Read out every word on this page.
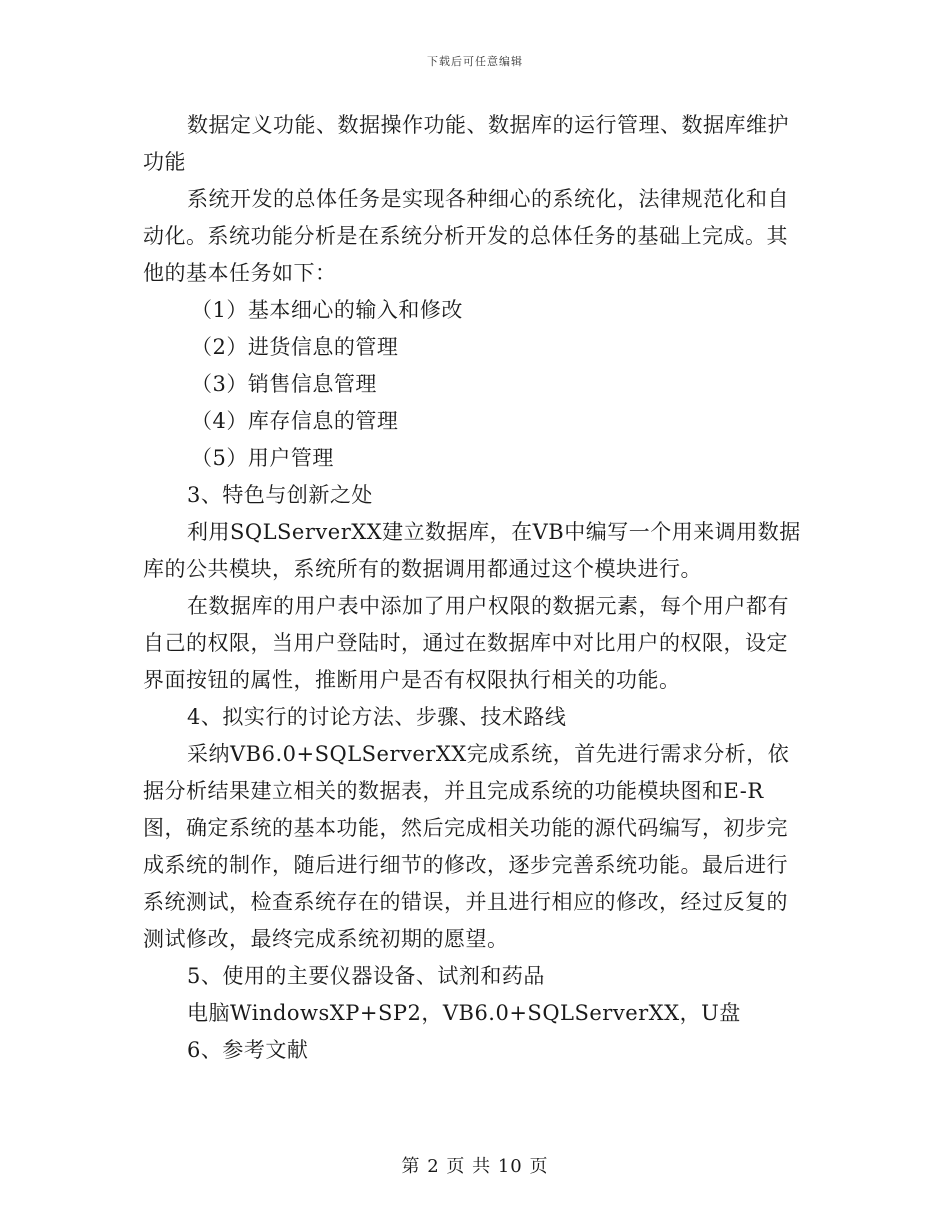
下载后可任意编辑

数据定义功能、数据操作功能、数据库的运行管理、数据库维护功能

系统开发的总体任务是实现各种细心的系统化，法律规范化和自动化。系统功能分析是在系统分析开发的总体任务的基础上完成。其他的基本任务如下：

（1）基本细心的输入和修改

（2）进货信息的管理

（3）销售信息管理

（4）库存信息的管理

（5）用户管理

3、特色与创新之处

利用SQLServerXX建立数据库，在VB中编写一个用来调用数据库的公共模块，系统所有的数据调用都通过这个模块进行。

在数据库的用户表中添加了用户权限的数据元素，每个用户都有自己的权限，当用户登陆时，通过在数据库中对比用户的权限，设定界面按钮的属性，推断用户是否有权限执行相关的功能。

4、拟实行的讨论方法、步骤、技术路线

采纳VB6.0+SQLServerXX完成系统，首先进行需求分析，依据分析结果建立相关的数据表，并且完成系统的功能模块图和E-R图，确定系统的基本功能，然后完成相关功能的源代码编写，初步完成系统的制作，随后进行细节的修改，逐步完善系统功能。最后进行系统测试，检查系统存在的错误，并且进行相应的修改，经过反复的测试修改，最终完成系统初期的愿望。

5、使用的主要仪器设备、试剂和药品

电脑WindowsXP+SP2，VB6.0+SQLServerXX，U盘

6、参考文献

第 2 页 共 10 页
